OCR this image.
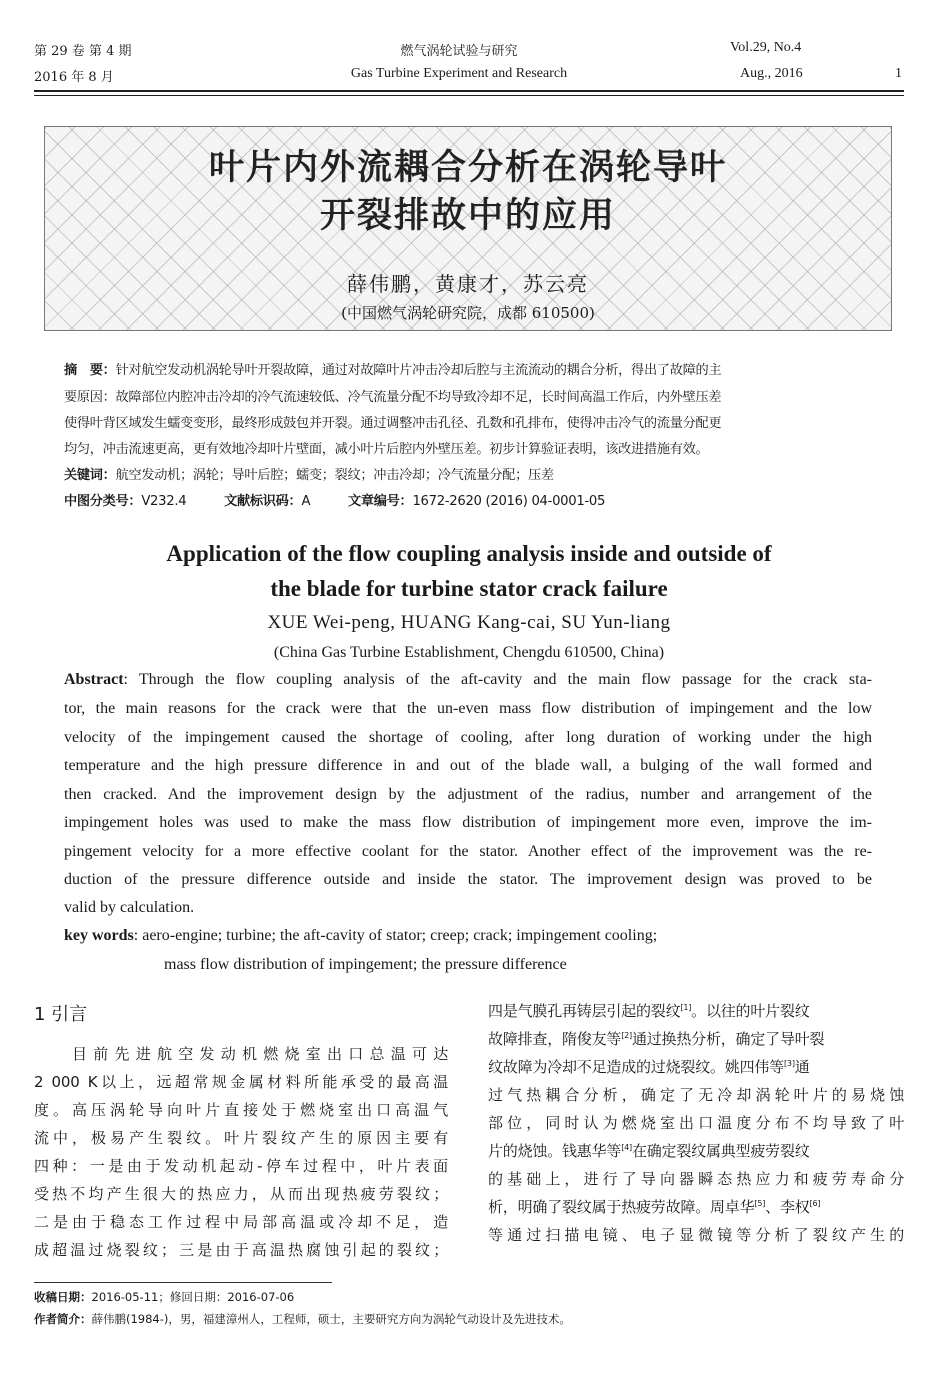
第 29 卷 第 4 期
2016 年 8 月
燃气涡轮试验与研究
Gas Turbine Experiment and Research
Vol.29, No.4
Aug., 2016	1
叶片内外流耦合分析在涡轮导叶
开裂排故中的应用
薛伟鹏，黄康才，苏云亮
(中国燃气涡轮研究院，成都 610500)
摘　要：针对航空发动机涡轮导叶开裂故障，通过对故障叶片冲击冷却后腔与主流流动的耦合分析，得出了故障的主
要原因：故障部位内腔冲击冷却的冷气流速较低、冷气流量分配不均导致冷却不足，长时间高温工作后，内外壁压差
使得叶背区域发生蠕变变形，最终形成鼓包并开裂。通过调整冲击孔径、孔数和孔排布，使得冲击冷气的流量分配更
均匀，冲击流速更高，更有效地冷却叶片壁面，减小叶片后腔内外壁压差。初步计算验证表明，该改进措施有效。
关键词：航空发动机；涡轮；导叶后腔；蠕变；裂纹；冲击冷却；冷气流量分配；压差
中图分类号：V232.4	文献标识码：A	文章编号：1672-2620 (2016) 04-0001-05
Application of the flow coupling analysis inside and outside of
the blade for turbine stator crack failure
XUE Wei-peng, HUANG Kang-cai, SU Yun-liang
(China Gas Turbine Establishment, Chengdu 610500, China)
Abstract: Through the flow coupling analysis of the aft-cavity and the main flow passage for the crack sta-
tor, the main reasons for the crack were that the un-even mass flow distribution of impingement and the low
velocity of the impingement caused the shortage of cooling, after long duration of working under the high
temperature and the high pressure difference in and out of the blade wall, a bulging of the wall formed and
then cracked. And the improvement design by the adjustment of the radius, number and arrangement of the
impingement holes was used to make the mass flow distribution of impingement more even, improve the im-
pingement velocity for a more effective coolant for the stator. Another effect of the improvement was the re-
duction of the pressure difference outside and inside the stator. The improvement design was proved to be
valid by calculation.
key words: aero-engine; turbine; the aft-cavity of stator; creep; crack; impingement cooling;
mass flow distribution of impingement; the pressure difference
1 引言
目前先进航空发动机燃烧室出口总温可达
2 000 K以上，远超常规金属材料所能承受的最高温
度。高压涡轮导向叶片直接处于燃烧室出口高温气
流中，极易产生裂纹。叶片裂纹产生的原因主要有
四种：一是由于发动机起动-停车过程中，叶片表面
受热不均产生很大的热应力，从而出现热疲劳裂纹；
二是由于稳态工作过程中局部高温或冷却不足，造
成超温过烧裂纹；三是由于高温热腐蚀引起的裂纹；
四是气膜孔再铸层引起的裂纹[1]。以往的叶片裂纹
故障排查，隋俊友等[2]通过换热分析，确定了导叶裂
纹故障为冷却不足造成的过烧裂纹。姚四伟等[3]通
过气热耦合分析，确定了无冷却涡轮叶片的易烧蚀
部位，同时认为燃烧室出口温度分布不均导致了叶
片的烧蚀。钱惠华等[4]在确定裂纹属典型疲劳裂纹
的基础上，进行了导向器瞬态热应力和疲劳寿命分
析，明确了裂纹属于热疲劳故障。周卓华[5]、李权[6]
等通过扫描电镜、电子显微镜等分析了裂纹产生的
收稿日期：2016-05-11；修回日期：2016-07-06
作者简介：薛伟鹏(1984-)，男，福建漳州人，工程师，硕士，主要研究方向为涡轮气动设计及先进技术。
